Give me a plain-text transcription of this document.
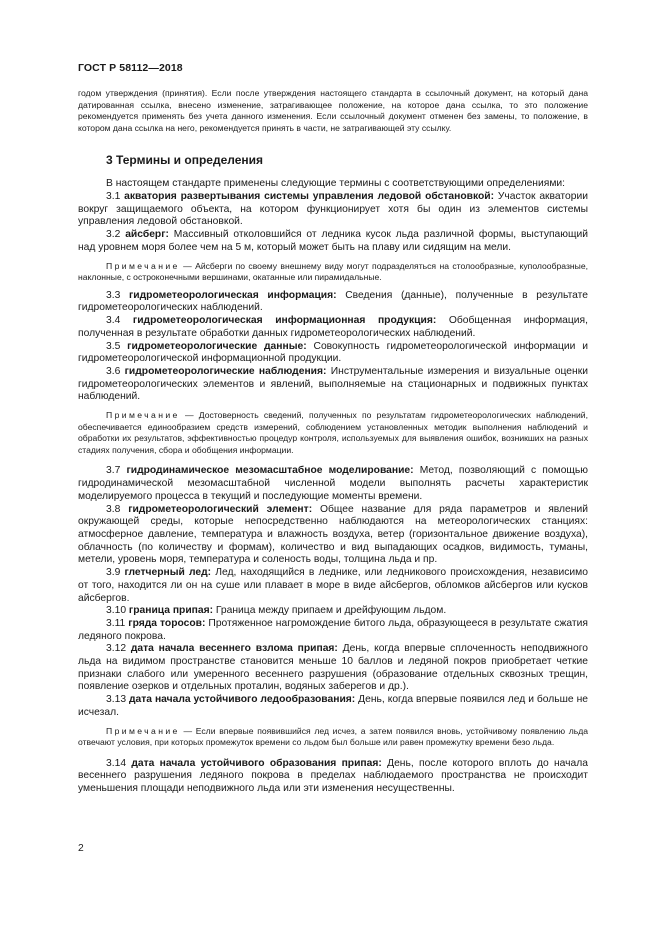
ГОСТ Р 58112—2018

годом утверждения (принятия). Если после утверждения настоящего стандарта в ссылочный документ, на который дана датированная ссылка, внесено изменение, затрагивающее положение, на которое дана ссылка, то это положение рекомендуется применять без учета данного изменения. Если ссылочный документ отменен без замены, то положение, в котором дана ссылка на него, рекомендуется принять в части, не затрагивающей эту ссылку.

3 Термины и определения

В настоящем стандарте применены следующие термины с соответствующими определениями:

3.1 акватория развертывания системы управления ледовой обстановкой: Участок акватории вокруг защищаемого объекта, на котором функционирует хотя бы один из элементов системы управления ледовой обстановкой.

3.2 айсберг: Массивный отколовшийся от ледника кусок льда различной формы, выступающий над уровнем моря более чем на 5 м, который может быть на плаву или сидящим на мели.

Примечание — Айсберги по своему внешнему виду могут подразделяться на столообразные, куполообразные, наклонные, с остроконечными вершинами, окатанные или пирамидальные.

3.3 гидрометеорологическая информация: Сведения (данные), полученные в результате гидрометеорологических наблюдений.

3.4 гидрометеорологическая информационная продукция: Обобщенная информация, полученная в результате обработки данных гидрометеорологических наблюдений.

3.5 гидрометеорологические данные: Совокупность гидрометеорологической информации и гидрометеорологической информационной продукции.

3.6 гидрометеорологические наблюдения: Инструментальные измерения и визуальные оценки гидрометеорологических элементов и явлений, выполняемые на стационарных и подвижных пунктах наблюдений.

Примечание — Достоверность сведений, полученных по результатам гидрометеорологических наблюдений, обеспечивается единообразием средств измерений, соблюдением установленных методик выполнения наблюдений и обработки их результатов, эффективностью процедур контроля, используемых для выявления ошибок, возникших на разных стадиях получения, сбора и обобщения информации.

3.7 гидродинамическое мезомасштабное моделирование: Метод, позволяющий с помощью гидродинамической мезомасштабной численной модели выполнять расчеты характеристик моделируемого процесса в текущий и последующие моменты времени.

3.8 гидрометеорологический элемент: Общее название для ряда параметров и явлений окружающей среды, которые непосредственно наблюдаются на метеорологических станциях: атмосферное давление, температура и влажность воздуха, ветер (горизонтальное движение воздуха), облачность (по количеству и формам), количество и вид выпадающих осадков, видимость, туманы, метели, уровень моря, температура и соленость воды, толщина льда и пр.

3.9 глетчерный лед: Лед, находящийся в леднике, или ледникового происхождения, независимо от того, находится ли он на суше или плавает в море в виде айсбергов, обломков айсбергов или кусков айсбергов.

3.10 граница припая: Граница между припаем и дрейфующим льдом.

3.11 гряда торосов: Протяженное нагромождение битого льда, образующееся в результате сжатия ледяного покрова.

3.12 дата начала весеннего взлома припая: День, когда впервые сплоченность неподвижного льда на видимом пространстве становится меньше 10 баллов и ледяной покров приобретает четкие признаки слабого или умеренного весеннего разрушения (образование отдельных сквозных трещин, появление озерков и отдельных проталин, водяных заберегов и др.).

3.13 дата начала устойчивого ледообразования: День, когда впервые появился лед и больше не исчезал.

Примечание — Если впервые появившийся лед исчез, а затем появился вновь, устойчивому появлению льда отвечают условия, при которых промежуток времени со льдом был больше или равен промежутку времени безо льда.

3.14 дата начала устойчивого образования припая: День, после которого вплоть до начала весеннего разрушения ледяного покрова в пределах наблюдаемого пространства не происходит уменьшения площади неподвижного льда или эти изменения несущественны.

2
